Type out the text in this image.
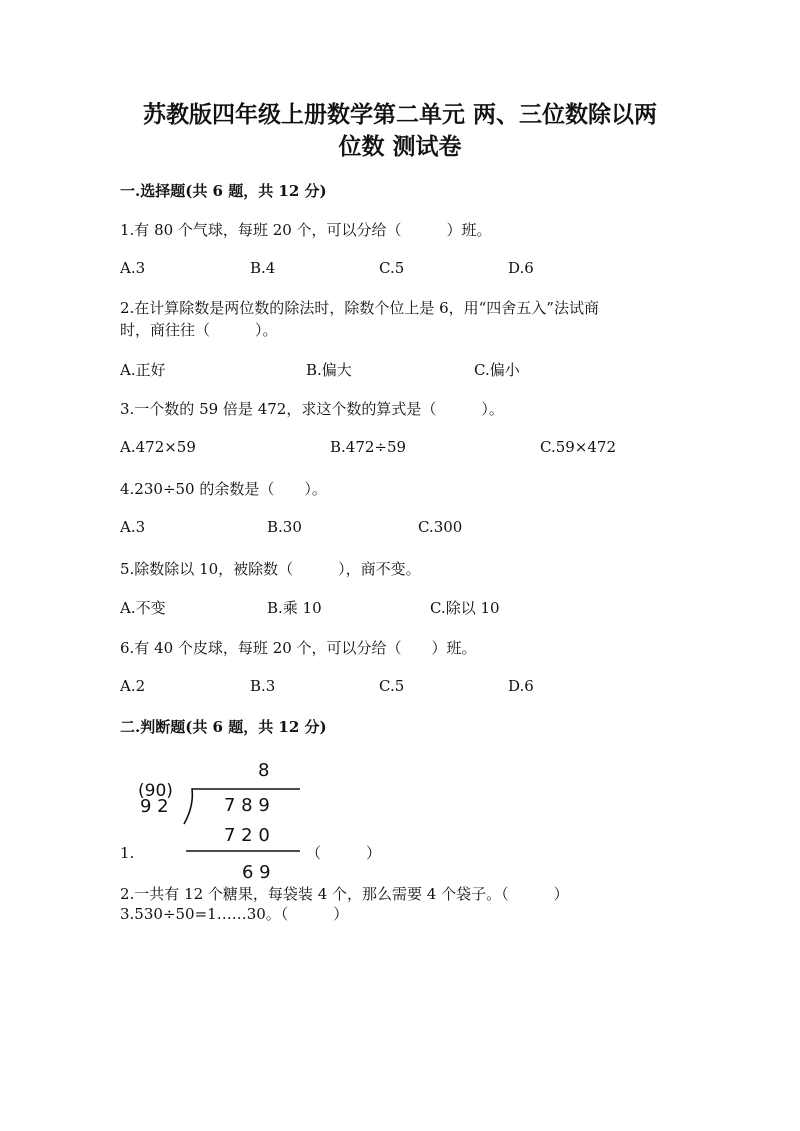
苏教版四年级上册数学第二单元 两、三位数除以两
位数 测试卷
一.选择题(共 6 题，共 12 分)
1.有 80 个气球，每班 20 个，可以分给（　　　）班。
A.3	B.4	C.5	D.6
2.在计算除数是两位数的除法时，除数个位上是 6，用“四舍五入”法试商
时，商往往（　　　）。
A.正好	B.偏大	C.偏小
3.一个数的 59 倍是 472，求这个数的算式是（　　　）。
A.472×59	B.472÷59	C.59×472
4.230÷50 的余数是（　　）。
A.3	B.30	C.300
5.除数除以 10，被除数（　　　），商不变。
A.不变	B.乘 10	C.除以 10
6.有 40 个皮球，每班 20 个，可以分给（　　）班。
A.2	B.3	C.5	D.6
二.判断题(共 6 题，共 12 分)
(90)
8
9 2	7 8 9
7 2 0
6 9
1.	（　　　）
2.一共有 12 个糖果，每袋装 4 个，那么需要 4 个袋子。（　　　）
3.530÷50=1……30。（　　　）
